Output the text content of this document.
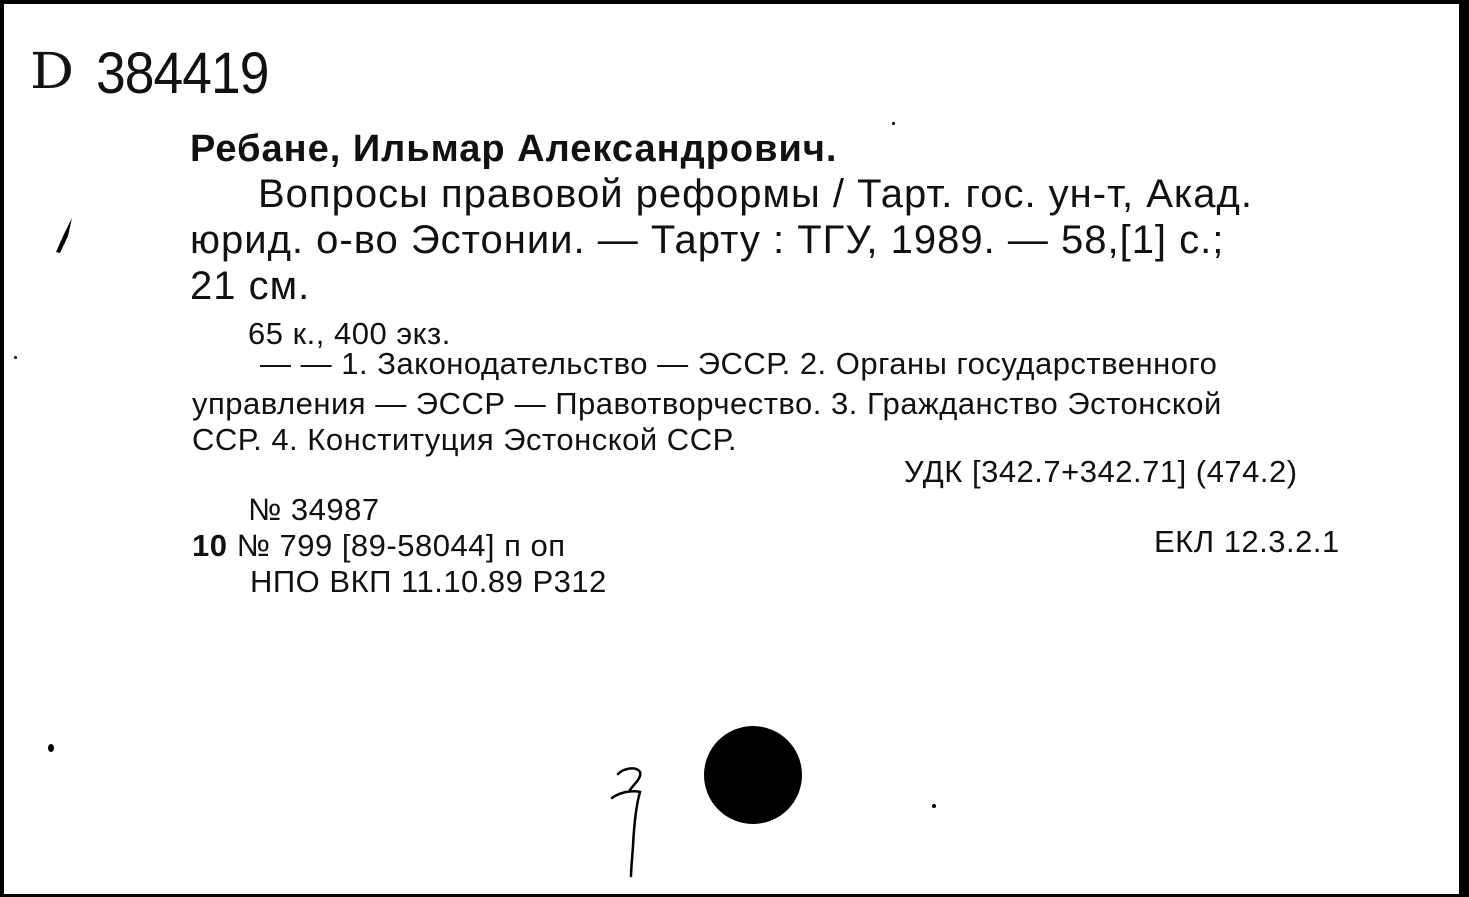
D 384419
Ребане, Ильмар Александрович.
Вопросы правовой реформы / Тарт. гос. ун-т, Акад.
юрид. о-во Эстонии. — Тарту : ТГУ, 1989. — 58,[1] с.;
21 см.
65 к., 400 экз.
— — 1. Законодательство — ЭССР. 2. Органы государственного
управления — ЭССР — Правотворчество. 3. Гражданство Эстонской
ССР. 4. Конституция Эстонской ССР.
УДК [342.7+342.71] (474.2)
№ 34987
10 № 799 [89-58044] п оп	ЕКЛ 12.3.2.1
НПО ВКП 11.10.89 Р312
